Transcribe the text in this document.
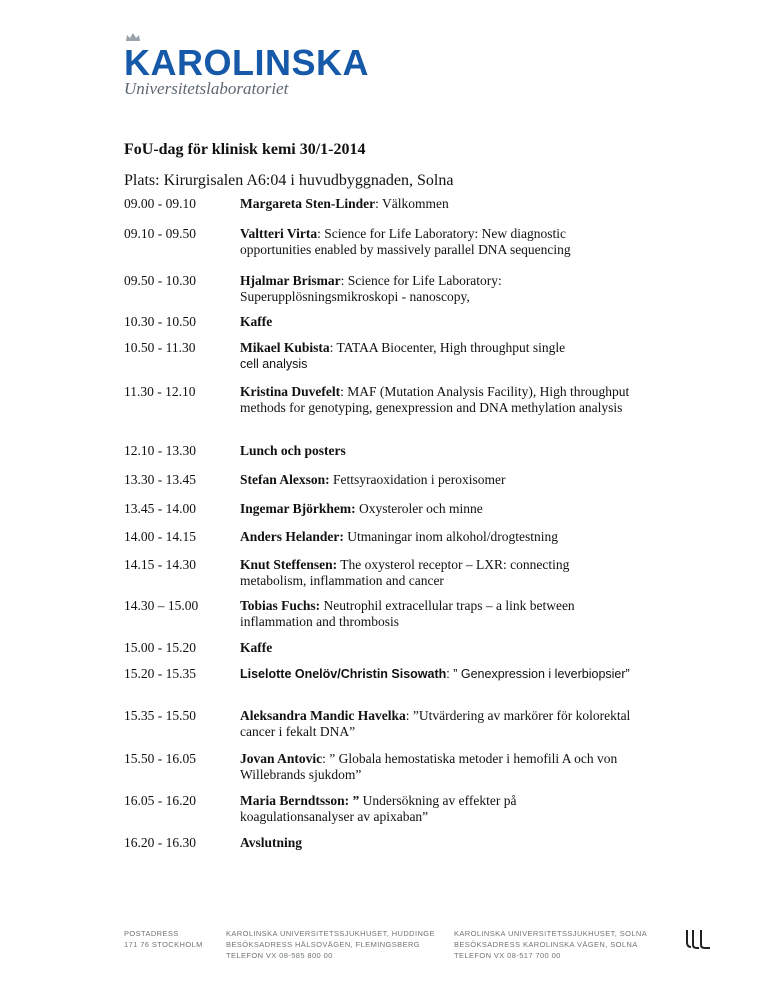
KAROLINSKA
Universitetslaboratoriet
FoU-dag för klinisk kemi 30/1-2014
Plats: Kirurgisalen A6:04 i huvudbyggnaden, Solna
09.00 - 09.10	Margareta Sten-Linder: Välkommen
09.10 - 09.50	Valtteri Virta: Science for Life Laboratory: New diagnostic opportunities enabled by massively parallel DNA sequencing
09.50 - 10.30	Hjalmar Brismar: Science for Life Laboratory: Superupplösningsmikroskopi - nanoscopy,
10.30 - 10.50	Kaffe
10.50 - 11.30	Mikael Kubista: TATAA Biocenter, High throughput single
cell analysis
11.30 - 12.10	Kristina Duvefelt: MAF (Mutation Analysis Facility), High throughput methods for genotyping, genexpression and DNA methylation analysis
12.10 - 13.30	Lunch och posters
13.30 - 13.45	Stefan Alexson: Fettsyraoxidation i peroxisomer
13.45 - 14.00	Ingemar Björkhem: Oxysteroler och minne
14.00 - 14.15	Anders Helander: Utmaningar inom alkohol/drogtestning
14.15 - 14.30	Knut Steffensen: The oxysterol receptor – LXR: connecting metabolism, inflammation and cancer
14.30 – 15.00	Tobias Fuchs: Neutrophil extracellular traps – a link between inflammation and thrombosis
15.00 - 15.20	Kaffe
15.20 - 15.35	Liselotte Onelöv/Christin Sisowath: ” Genexpression i leverbiopsier”
15.35 - 15.50	Aleksandra Mandic Havelka: ”Utvärdering av markörer för kolorektal cancer i fekalt DNA”
15.50 - 16.05	Jovan Antovic: ” Globala hemostatiska metoder i hemofili A och von Willebrands sjukdom”
16.05 - 16.20	Maria Berndtsson: ” Undersökning av effekter på koagulationsanalyser av apixaban”
16.20 - 16.30	Avslutning
POSTADRESS
171 76 STOCKHOLM
KAROLINSKA UNIVERSITETSSJUKHUSET, HUDDINGE
BESÖKSADRESS HÄLSOVÄGEN, FLEMINGSBERG
TELEFON VX 08-585 800 00
KAROLINSKA UNIVERSITETSSJUKHUSET, SOLNA
BESÖKSADRESS KAROLINSKA VÄGEN, SOLNA
TELEFON VX 08-517 700 00
